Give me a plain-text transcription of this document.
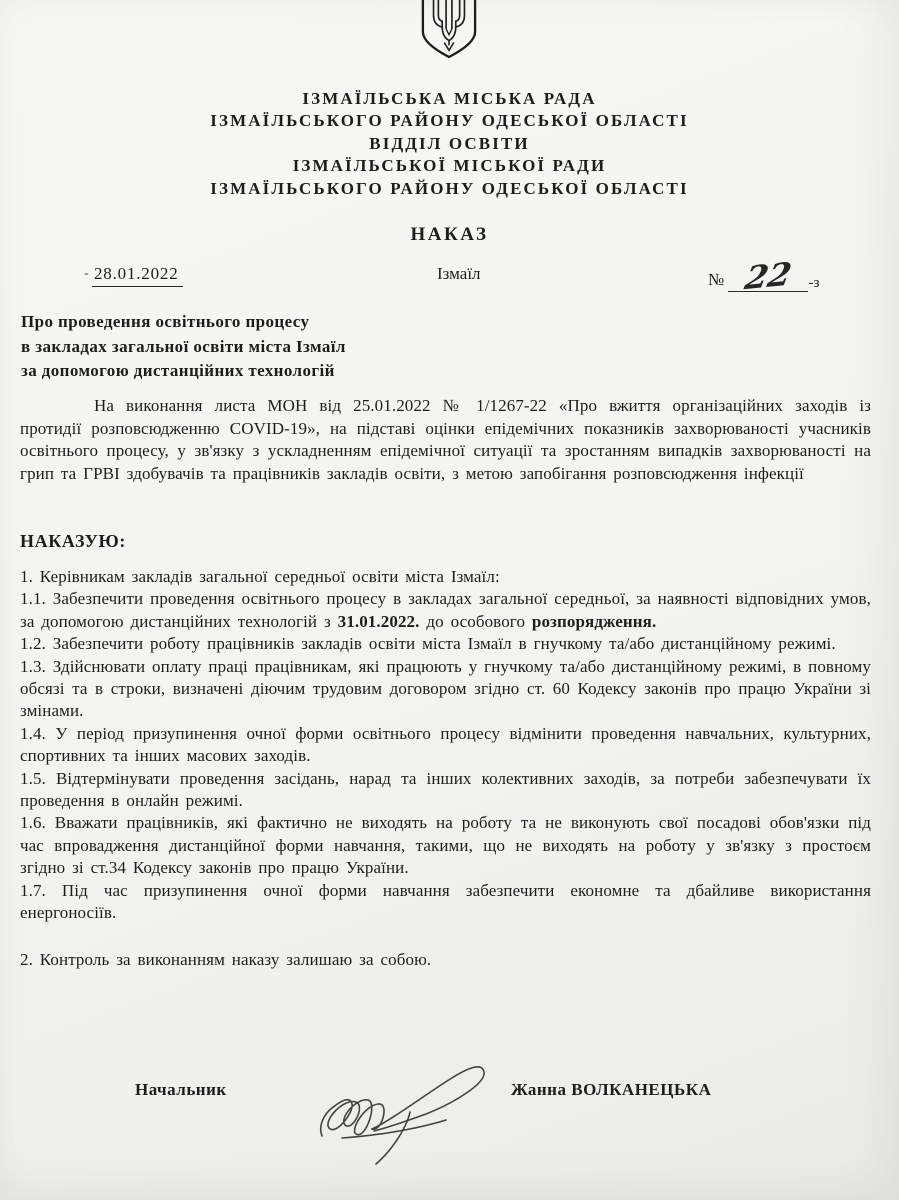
ІЗМАЇЛЬСЬКА МІСЬКА РАДА
ІЗМАЇЛЬСЬКОГО РАЙОНУ ОДЕСЬКОЇ ОБЛАСТІ
ВІДДІЛ ОСВІТИ
ІЗМАЇЛЬСЬКОЇ МІСЬКОЇ РАДИ
ІЗМАЇЛЬСЬКОГО РАЙОНУ ОДЕСЬКОЇ ОБЛАСТІ
НАКАЗ
- 28.01.2022	Ізмаїл	№ 22 -з
Про проведення освітнього процесу
в закладах загальної освіти міста Ізмаїл
за допомогою дистанційних технологій

На виконання листа МОН від 25.01.2022 № 1/1267-22 «Про вжиття організаційних заходів із протидії розповсюдженню COVID-19», на підставі оцінки епідемічних показників захворюваності учасників освітнього процесу, у зв'язку з ускладненням епідемічної ситуації та зростанням випадків захворюваності на грип та ГРВІ здобувачів та працівників закладів освіти, з метою запобігання розповсюдження інфекції

НАКАЗУЮ:

1. Керівникам закладів загальної середньої освіти міста Ізмаїл:

1.1. Забезпечити проведення освітнього процесу в закладах загальної середньої, за наявності відповідних умов, за допомогою дистанційних технологій з 31.01.2022. до особового розпорядження.

1.2. Забезпечити роботу працівників закладів освіти міста Ізмаїл в гнучкому та/або дистанційному режимі.

1.3. Здійснювати оплату праці працівникам, які працюють у гнучкому та/або дистанційному режимі, в повному обсязі та в строки, визначені діючим трудовим договором згідно ст. 60 Кодексу законів про працю України зі змінами.

1.4. У період призупинення очної форми освітнього процесу відмінити проведення навчальних, культурних, спортивних та інших масових заходів.

1.5. Відтермінувати проведення засідань, нарад та інших колективних заходів, за потреби забезпечувати їх проведення в онлайн режимі.

1.6. Вважати працівників, які фактично не виходять на роботу та не виконують свої посадові обов'язки під час впровадження дистанційної форми навчання, такими, що не виходять на роботу у зв'язку з простоєм згідно зі ст.34 Кодексу законів про працю України.

1.7. Під час призупинення очної форми навчання забезпечити економне та дбайливе використання енергоносіїв.

2. Контроль за виконанням наказу залишаю за собою.

Начальник	Жанна ВОЛКАНЕЦЬКА
